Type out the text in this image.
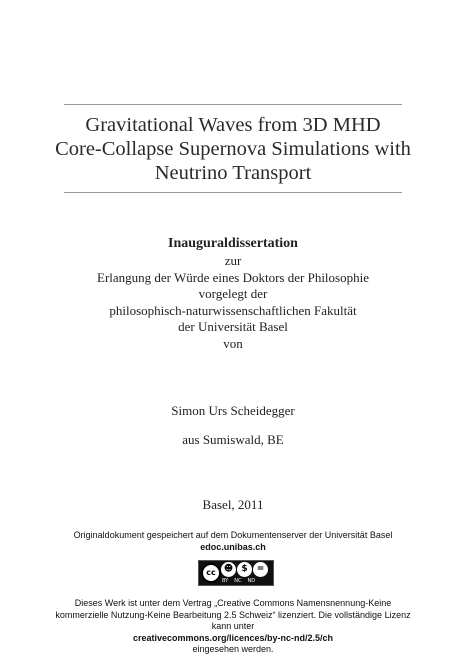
Gravitational Waves from 3D MHD
Core-Collapse Supernova Simulations with
Neutrino Transport
Inauguraldissertation
zur
Erlangung der Würde eines Doktors der Philosophie
vorgelegt der
philosophisch-naturwissenschaftlichen Fakultät
der Universität Basel
von
Simon Urs Scheidegger
aus Sumiswald, BE
Basel, 2011
Originaldokument gespeichert auf dem Dokumentenserver der Universität Basel
edoc.unibas.ch
cc ☻ $	=
BY NC ND
Dieses Werk ist unter dem Vertrag „Creative Commons Namensnennung-Keine
kommerzielle Nutzung-Keine Bearbeitung 2.5 Schweiz“ lizenziert. Die vollständige Lizenz
kann unter
creativecommons.org/licences/by-nc-nd/2.5/ch
eingesehen werden.
